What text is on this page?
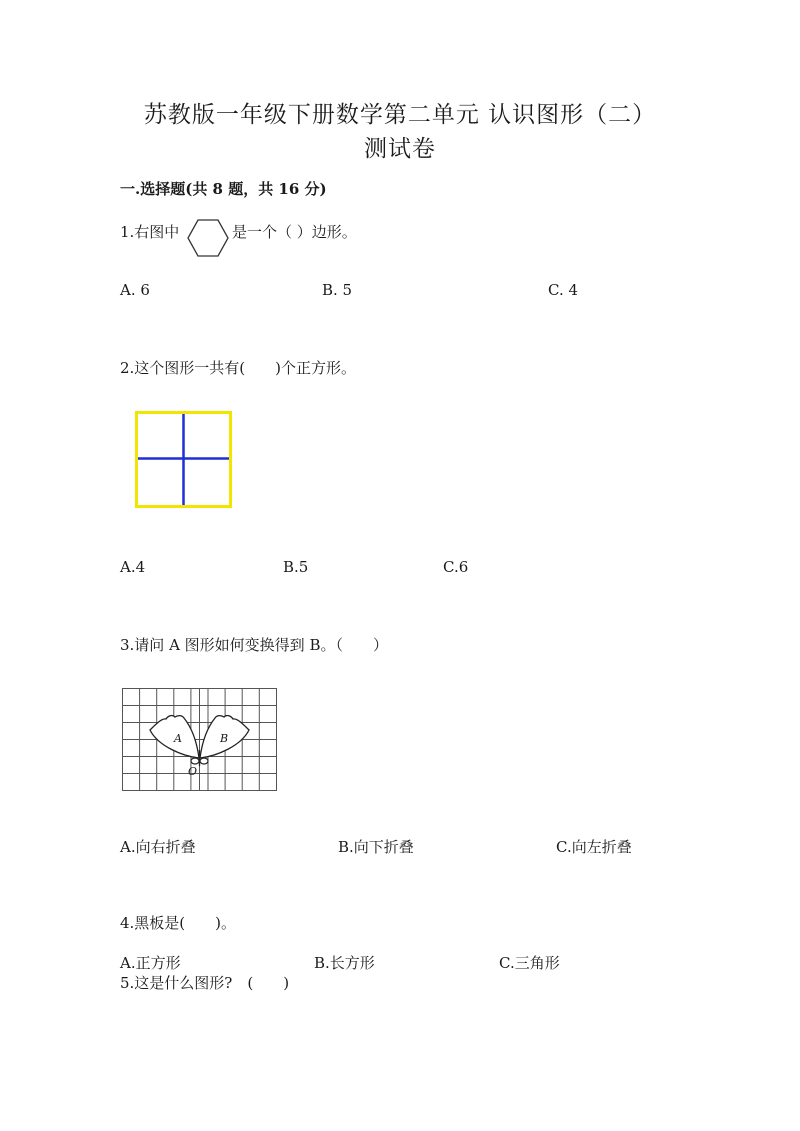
苏教版一年级下册数学第二单元 认识图形（二）
测试卷
一.选择题(共 8 题，共 16 分)
1.右图中	是一个（ ）边形。
A. 6	B. 5	C. 4
2.这个图形一共有(　　)个正方形。
A.4	B.5	C.6
3.请问 A 图形如何变换得到 B。（　　）
A	B
O
A.向右折叠	B.向下折叠	C.向左折叠
4.黑板是(　　)。
A.正方形	B.长方形	C.三角形
5.这是什么图形?　(　　)
